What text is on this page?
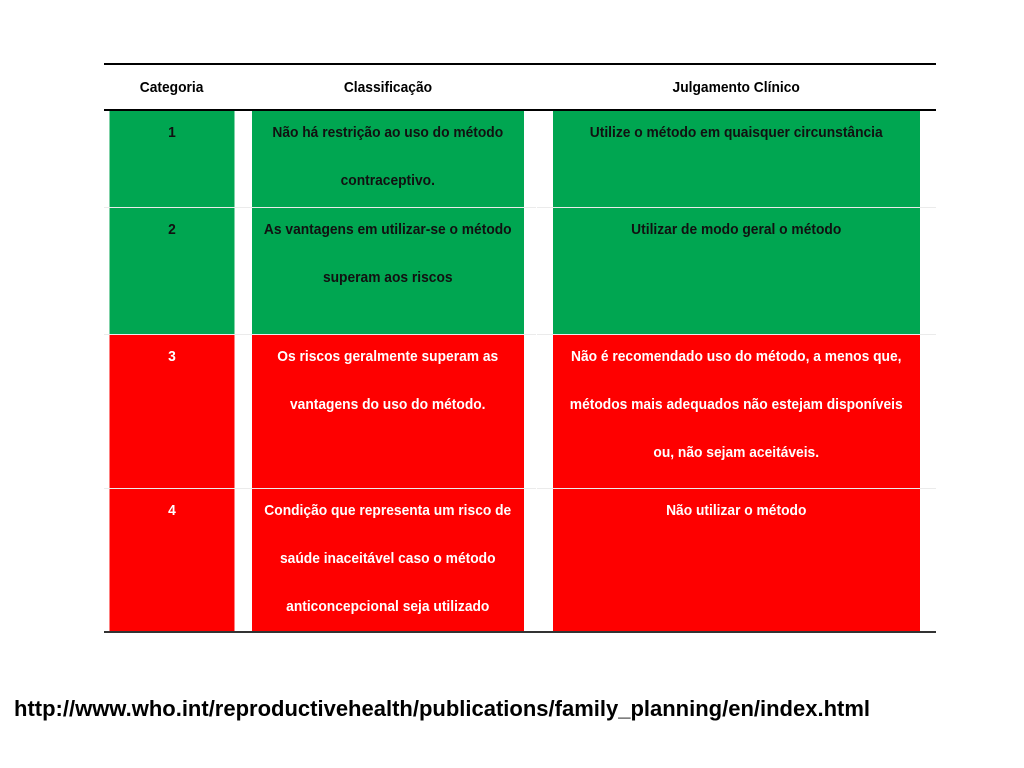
Categoria	Classificação	Julgamento Clínico

1	Não há restrição ao uso do método contraceptivo.	Utilize o método em quaisquer circunstância

2	As vantagens em utilizar-se o método superam aos riscos	Utilizar de modo geral o método

3	Os riscos geralmente superam as vantagens do uso do método.	Não é recomendado uso do método, a menos que, métodos mais adequados não estejam disponíveis ou, não sejam aceitáveis.

4	Condição que representa um risco de saúde inaceitável caso o método anticoncepcional seja utilizado	Não utilizar o método
http://www.who.int/reproductivehealth/publications/family_planning/en/index.html
